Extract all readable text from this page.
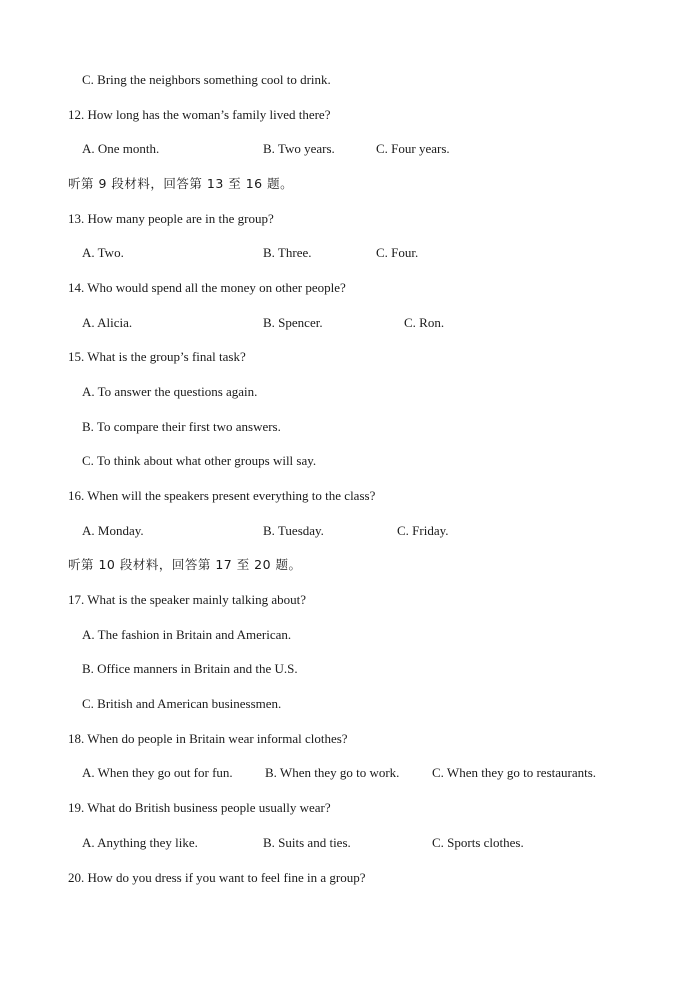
C. Bring the neighbors something cool to drink.
12. How long has the woman’s family lived there?
A. One month.	B. Two years.	C. Four years.
听第 9 段材料，回答第 13 至 16 题。
13. How many people are in the group?
A. Two.	B. Three.	C. Four.
14. Who would spend all the money on other people?
A. Alicia.	B. Spencer.	C. Ron.
15. What is the group’s final task?
A. To answer the questions again.
B. To compare their first two answers.
C. To think about what other groups will say.
16. When will the speakers present everything to the class?
A. Monday.	B. Tuesday.	C. Friday.
听第 10 段材料，回答第 17 至 20 题。
17. What is the speaker mainly talking about?
A. The fashion in Britain and American.
B. Office manners in Britain and the U.S.
C. British and American businessmen.
18. When do people in Britain wear informal clothes?
A. When they go out for fun. B. When they go to work.	C. When they go to restaurants.
19. What do British business people usually wear?
A. Anything they like.	B. Suits and ties.	C. Sports clothes.
20. How do you dress if you want to feel fine in a group?
